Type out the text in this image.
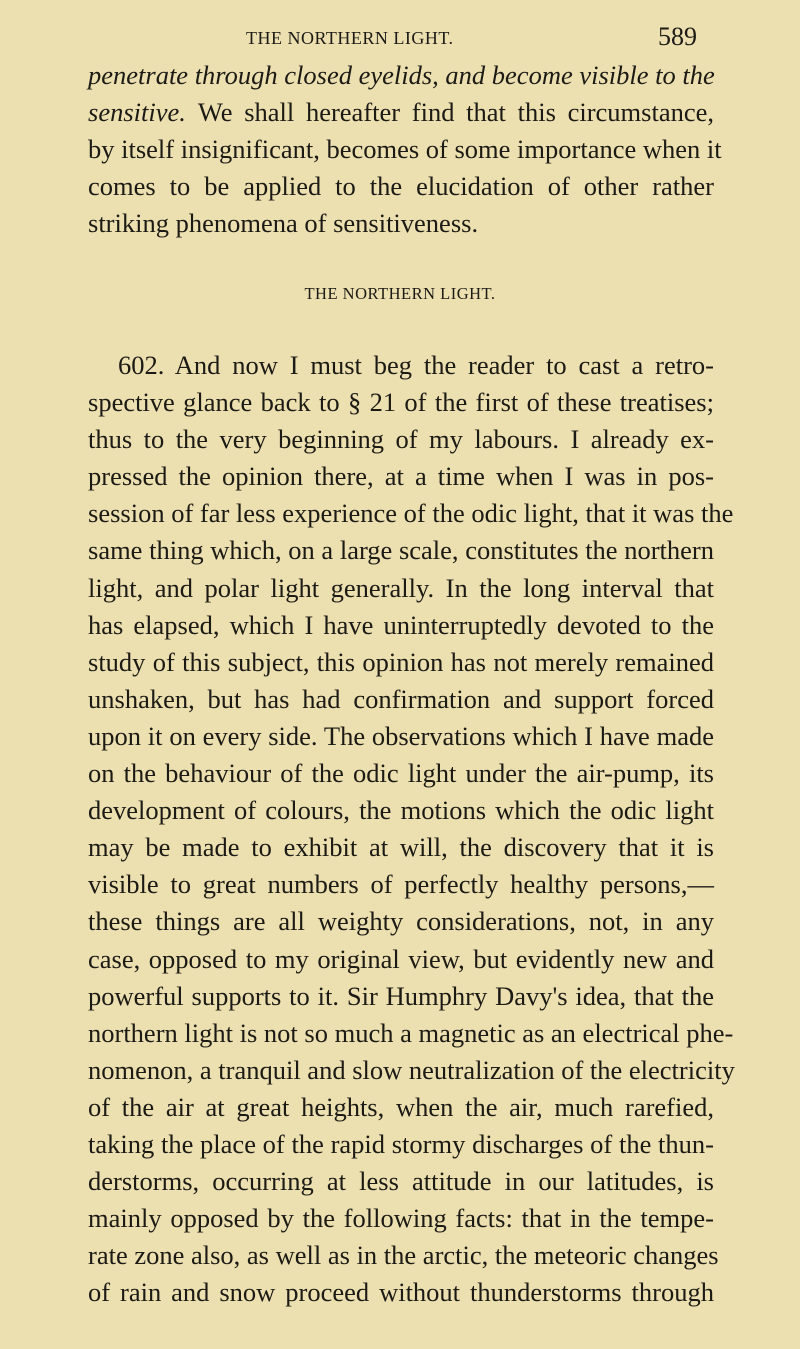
THE NORTHERN LIGHT.	589
penetrate through closed eyelids, and become visible to the
sensitive. We shall hereafter find that this circumstance,
by itself insignificant, becomes of some importance when it
comes to be applied to the elucidation of other rather
striking phenomena of sensitiveness.
THE NORTHERN LIGHT.
602. And now I must beg the reader to cast a retro-
spective glance back to § 21 of the first of these treatises;
thus to the very beginning of my labours. I already ex-
pressed the opinion there, at a time when I was in pos-
session of far less experience of the odic light, that it was the
same thing which, on a large scale, constitutes the northern
light, and polar light generally. In the long interval that
has elapsed, which I have uninterruptedly devoted to the
study of this subject, this opinion has not merely remained
unshaken, but has had confirmation and support forced
upon it on every side. The observations which I have made
on the behaviour of the odic light under the air-pump, its
development of colours, the motions which the odic light
may be made to exhibit at will, the discovery that it is
visible to great numbers of perfectly healthy persons,—
these things are all weighty considerations, not, in any
case, opposed to my original view, but evidently new and
powerful supports to it. Sir Humphry Davy's idea, that the
northern light is not so much a magnetic as an electrical phe-
nomenon, a tranquil and slow neutralization of the electricity
of the air at great heights, when the air, much rarefied,
taking the place of the rapid stormy discharges of the thun-
derstorms, occurring at less attitude in our latitudes, is
mainly opposed by the following facts: that in the tempe-
rate zone also, as well as in the arctic, the meteoric changes
of rain and snow proceed without thunderstorms through
